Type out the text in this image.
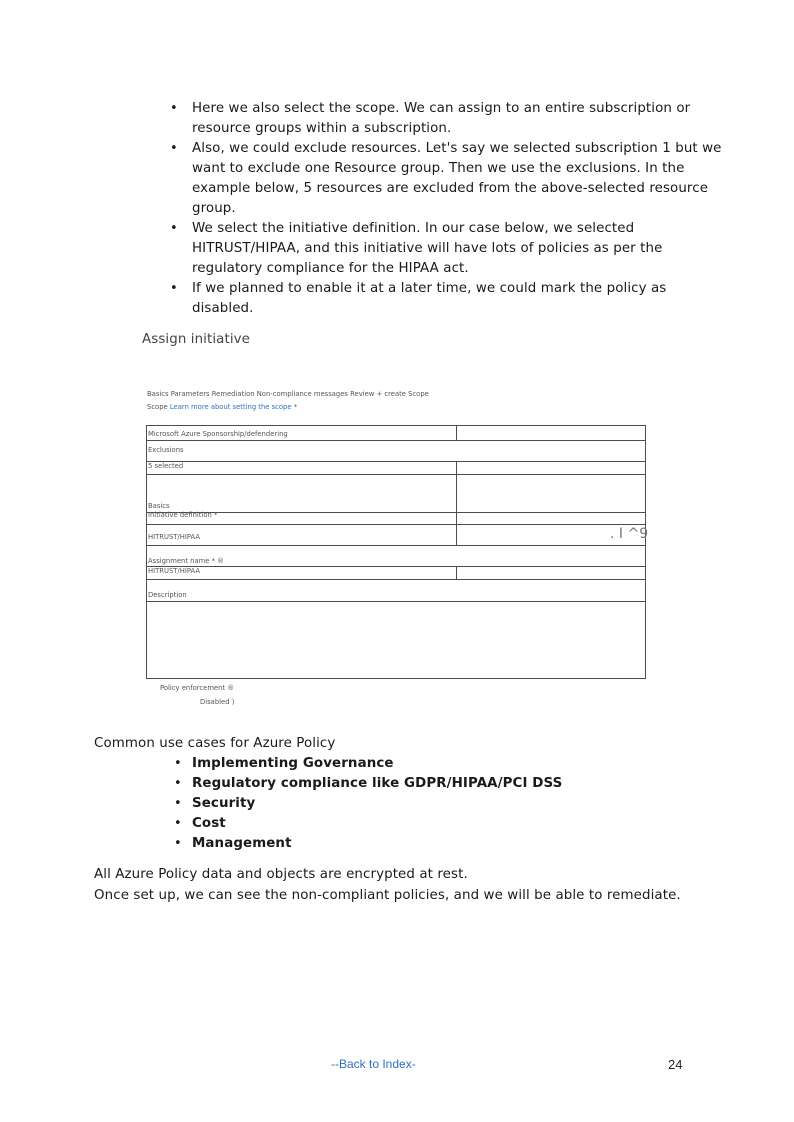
• Here we also select the scope. We can assign to an entire subscription or
resource groups within a subscription.
• Also, we could exclude resources. Let's say we selected subscription 1 but we
want to exclude one Resource group. Then we use the exclusions. In the
example below, 5 resources are excluded from the above-selected resource
group.
• We select the initiative definition. In our case below, we selected
HITRUST/HIPAA, and this initiative will have lots of policies as per the
regulatory compliance for the HIPAA act.
• If we planned to enable it at a later time, we could mark the policy as
disabled.
Assign initiative
Basics Parameters Remediation Non-compliance messages Review + create Scope
Scope Learn more about setting the scope *
Microsoft Azure Sponsorship/defendering
Exclusions
5 selected
Basics
Initiative definition *
HITRUST/HIPAA	. I ^9
Assignment name * ®
HITRUST/HIPAA
Description
Policy enforcement ®
Disabled )
Common use cases for Azure Policy
• Implementing Governance
• Regulatory compliance like GDPR/HIPAA/PCI DSS
• Security
• Cost
• Management
All Azure Policy data and objects are encrypted at rest.
Once set up, we can see the non-compliant policies, and we will be able to remediate.
--Back to Index-	24
